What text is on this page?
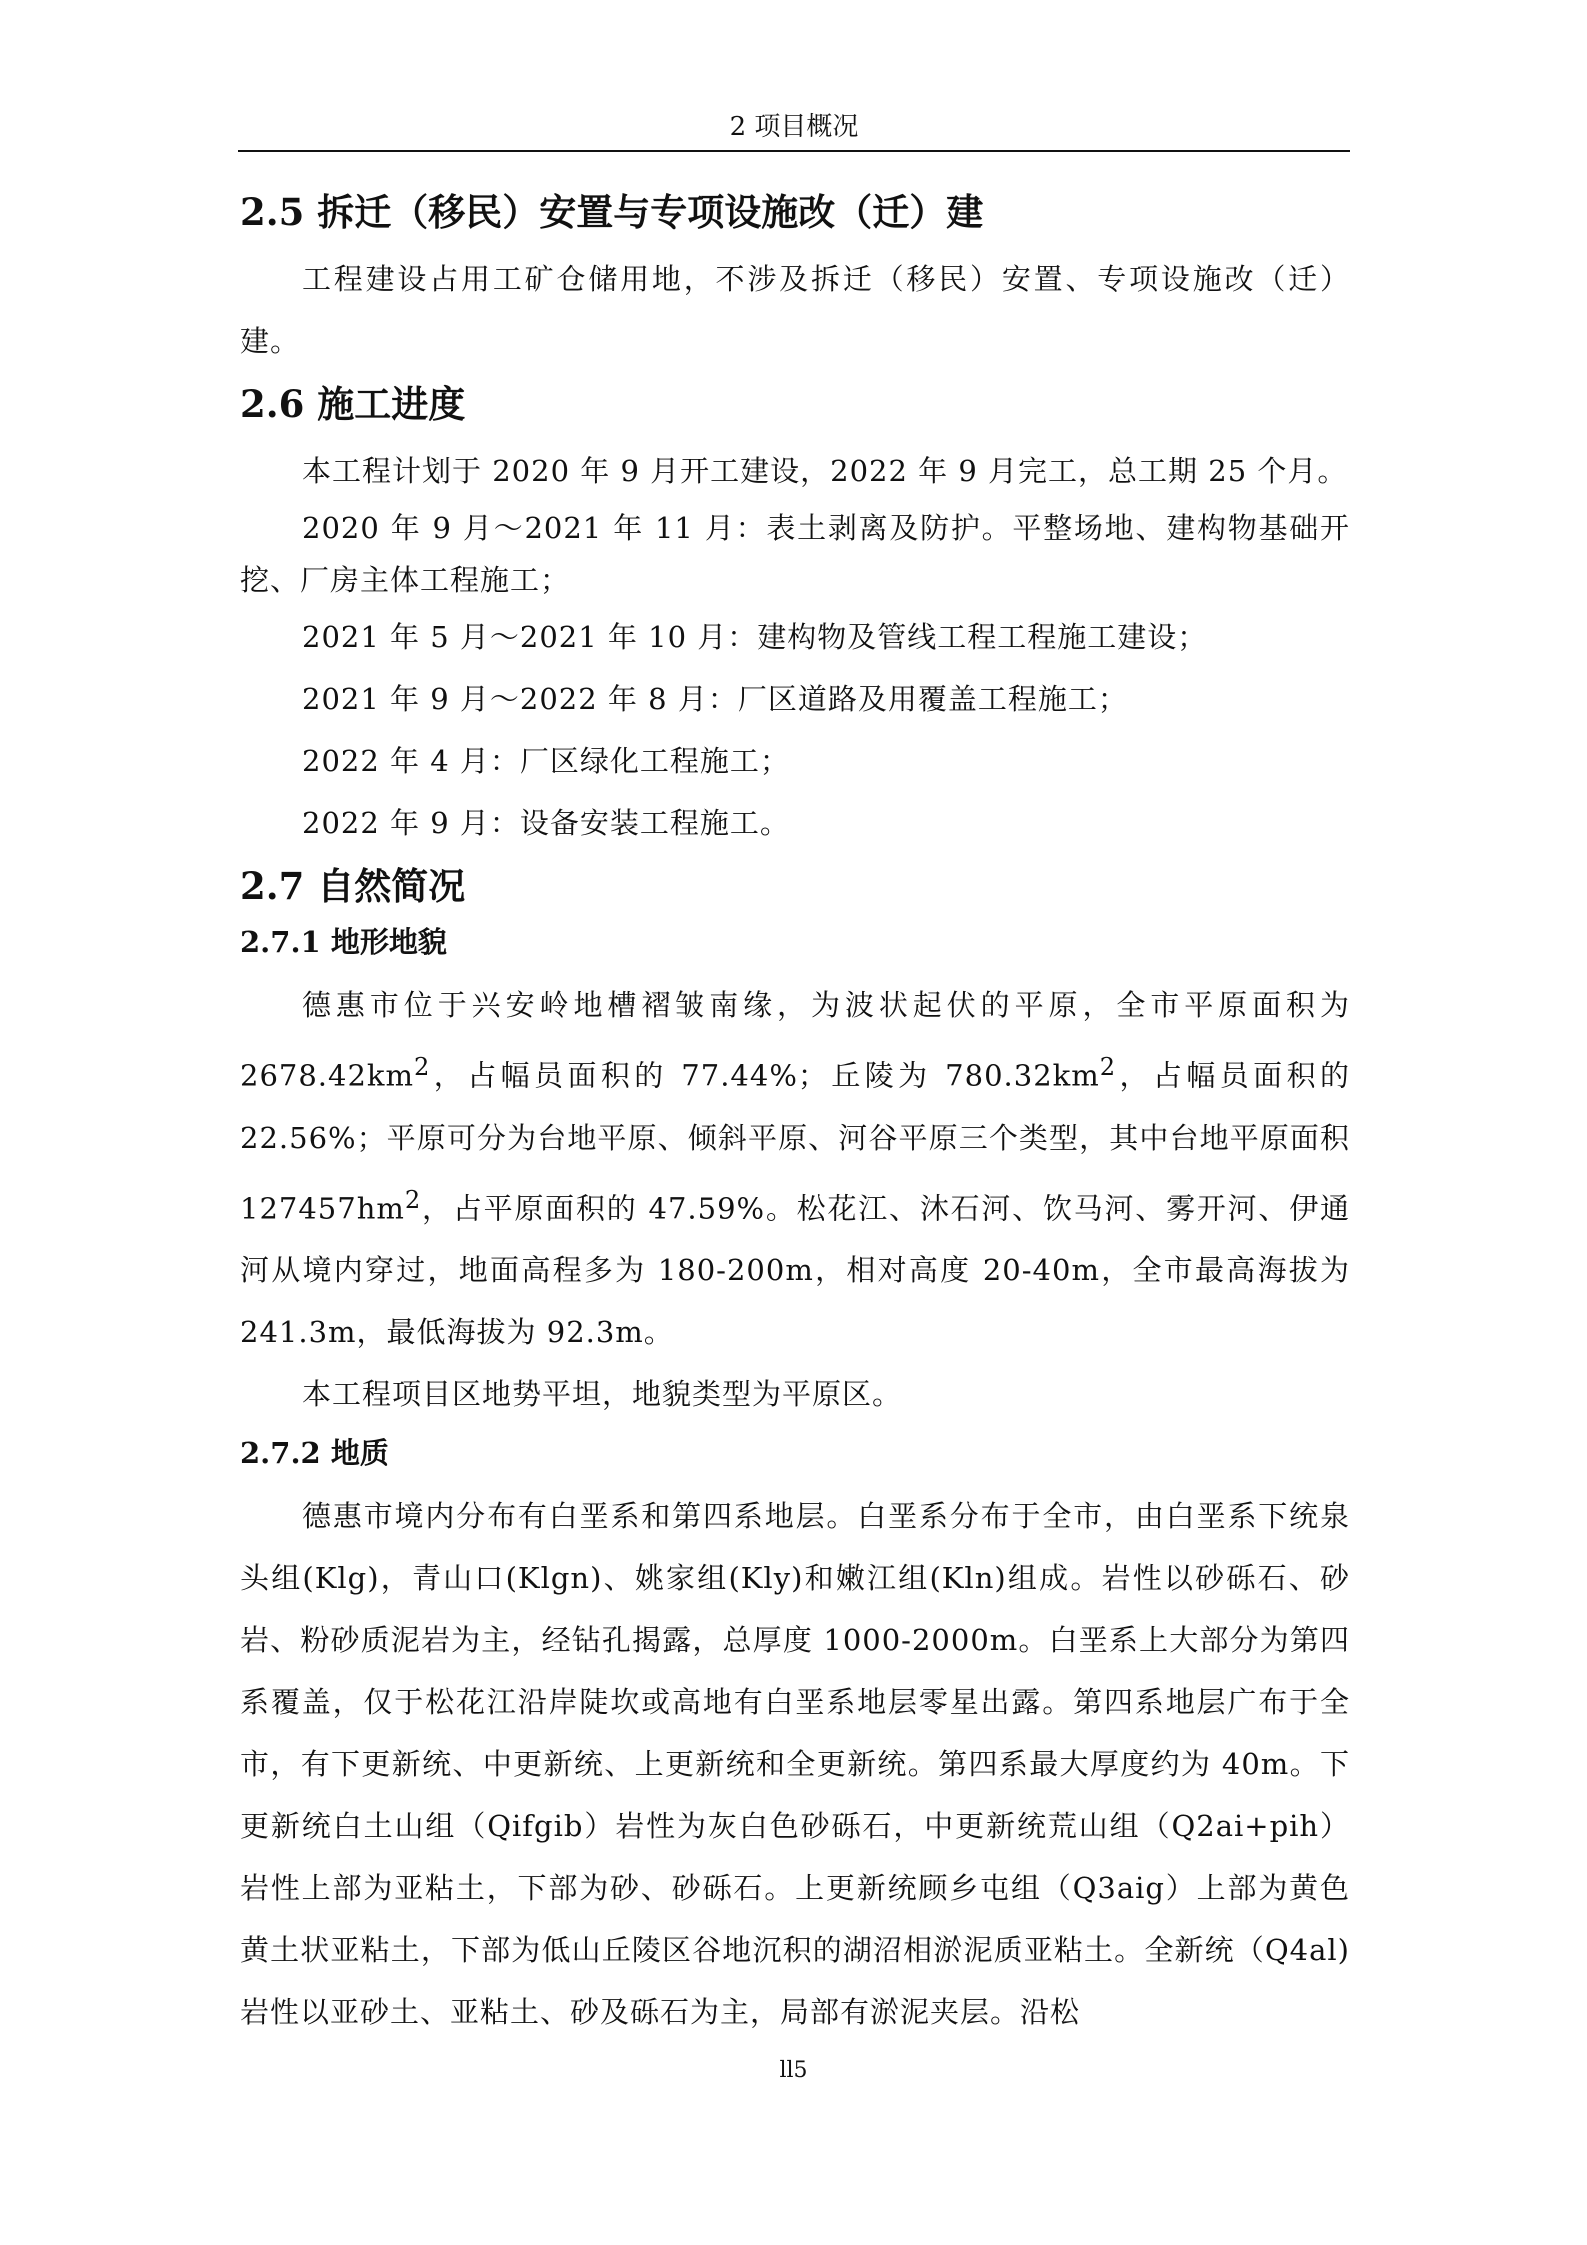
2 项目概况
2.5 拆迁（移民）安置与专项设施改（迁）建

工程建设占用工矿仓储用地，不涉及拆迁（移民）安置、专项设施改（迁）建。

2.6 施工进度

本工程计划于 2020 年 9 月开工建设，2022 年 9 月完工，总工期 25 个月。

2020 年 9 月～2021 年 11 月：表土剥离及防护。平整场地、建构物基础开挖、厂房主体工程施工；

2021 年 5 月～2021 年 10 月：建构物及管线工程工程施工建设；

2021 年 9 月～2022 年 8 月：厂区道路及用覆盖工程施工；

2022 年 4 月：厂区绿化工程施工；

2022 年 9 月：设备安装工程施工。

2.7 自然简况
2.7.1 地形地貌

德惠市位于兴安岭地槽褶皱南缘，为波状起伏的平原，全市平原面积为 $2678.42km^2$，占幅员面积的 77.44%；丘陵为 $780.32km^2$，占幅员面积的 22.56%；平原可分为台地平原、倾斜平原、河谷平原三个类型，其中台地平原面积 $127457hm^2$，占平原面积的 47.59%。松花江、沐石河、饮马河、雾开河、伊通河从境内穿过，地面高程多为 180-200m，相对高度 20-40m，全市最高海拔为 241.3m，最低海拔为 92.3m。

本工程项目区地势平坦，地貌类型为平原区。

2.7.2 地质

德惠市境内分布有白垩系和第四系地层。白垩系分布于全市，由白垩系下统泉头组(Klg)，青山口(Klgn)、姚家组(Kly)和嫩江组(Kln)组成。岩性以砂砾石、砂岩、粉砂质泥岩为主，经钻孔揭露，总厚度 1000-2000m。白垩系上大部分为第四系覆盖，仅于松花江沿岸陡坎或高地有白垩系地层零星出露。第四系地层广布于全市，有下更新统、中更新统、上更新统和全更新统。第四系最大厚度约为 40m。下更新统白土山组（Qifgib）岩性为灰白色砂砾石，中更新统荒山组（Q2ai+pih）岩性上部为亚粘土，下部为砂、砂砾石。上更新统顾乡屯组（Q3aig）上部为黄色黄土状亚粘土，下部为低山丘陵区谷地沉积的湖沼相淤泥质亚粘土。全新统（Q4al)岩性以亚砂土、亚粘土、砂及砾石为主，局部有淤泥夹层。沿松

ll5
